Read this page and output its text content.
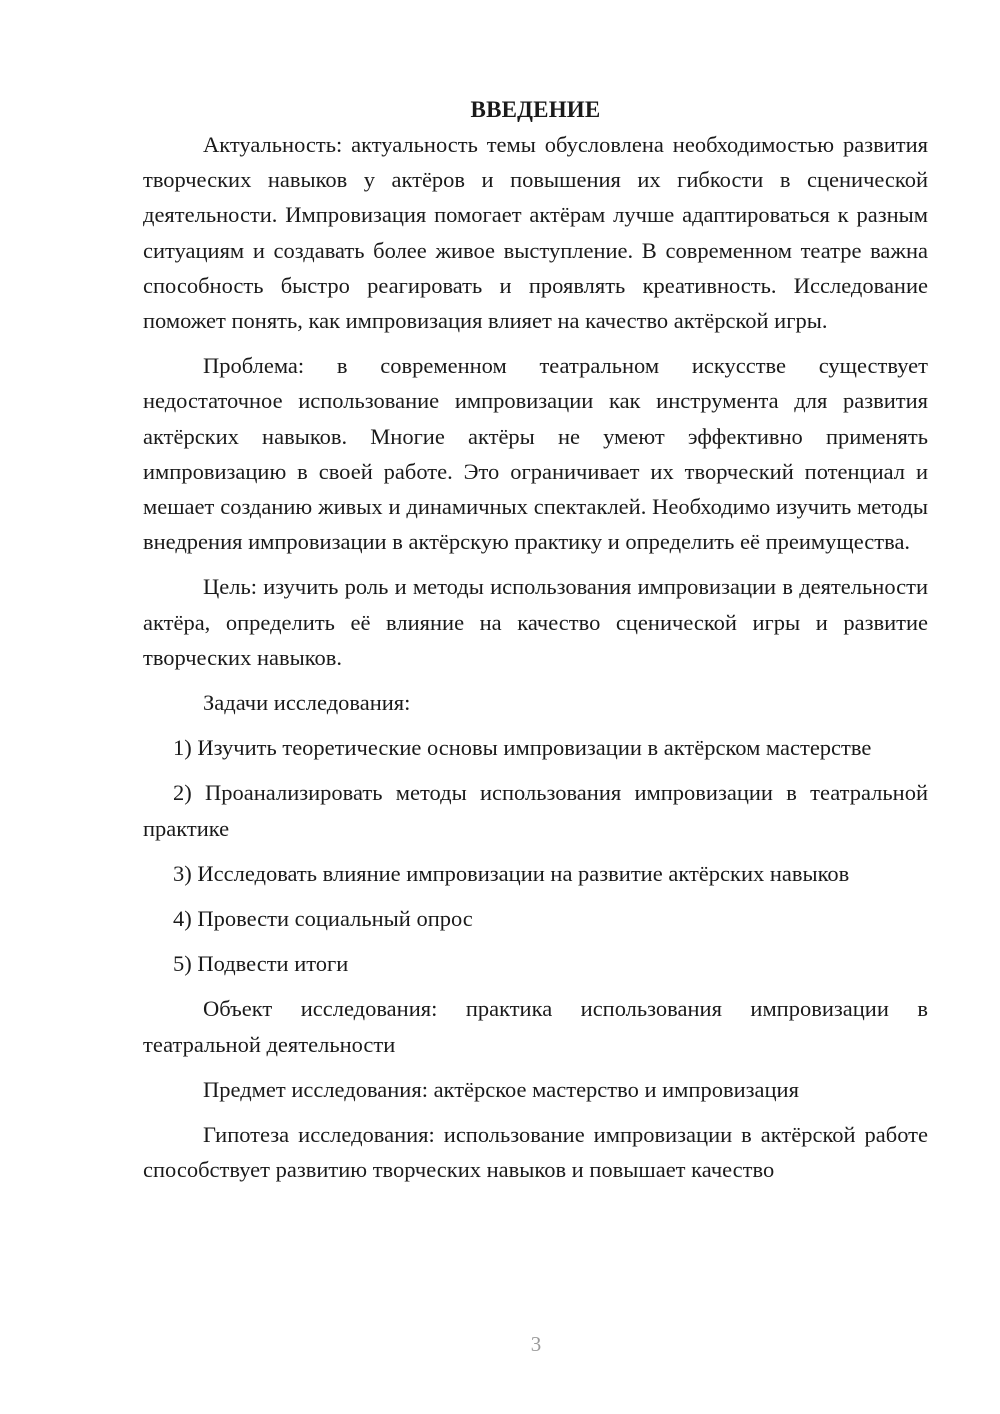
ВВЕДЕНИЕ

Актуальность: актуальность темы обусловлена необходимостью развития творческих навыков у актёров и повышения их гибкости в сценической деятельности. Импровизация помогает актёрам лучше адаптироваться к разным ситуациям и создавать более живое выступление. В современном театре важна способность быстро реагировать и проявлять креативность. Исследование поможет понять, как импровизация влияет на качество актёрской игры.

Проблема: в современном театральном искусстве существует недостаточное использование импровизации как инструмента для развития актёрских навыков. Многие актёры не умеют эффективно применять импровизацию в своей работе. Это ограничивает их творческий потенциал и мешает созданию живых и динамичных спектаклей. Необходимо изучить методы внедрения импровизации в актёрскую практику и определить её преимущества.

Цель: изучить роль и методы использования импровизации в деятельности актёра, определить её влияние на качество сценической игры и развитие творческих навыков.

Задачи исследования:

1) Изучить теоретические основы импровизации в актёрском мастерстве

2) Проанализировать методы использования импровизации в театральной практике

3) Исследовать влияние импровизации на развитие актёрских навыков

4) Провести социальный опрос

5) Подвести итоги

Объект исследования: практика использования импровизации в театральной деятельности

Предмет исследования: актёрское мастерство и импровизация

Гипотеза исследования: использование импровизации в актёрской работе способствует развитию творческих навыков и повышает качество

3
